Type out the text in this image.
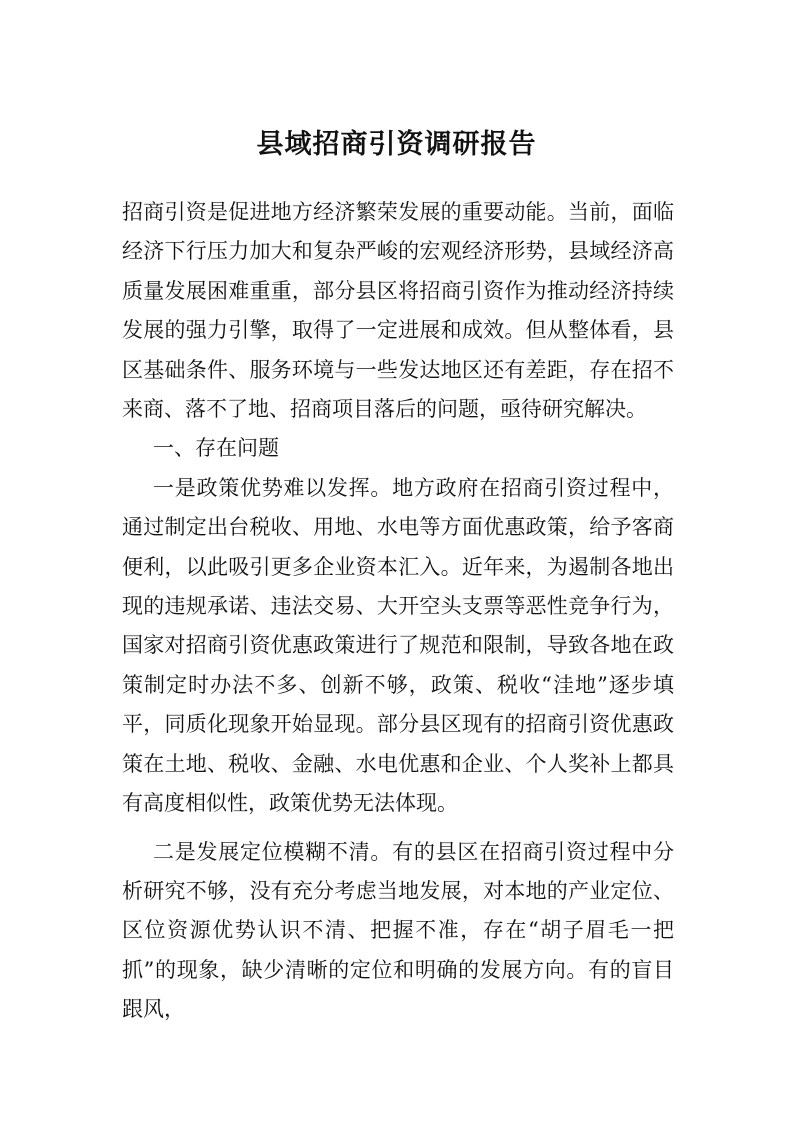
县域招商引资调研报告

招商引资是促进地方经济繁荣发展的重要动能。当前，面临经济下行压力加大和复杂严峻的宏观经济形势，县域经济高质量发展困难重重，部分县区将招商引资作为推动经济持续发展的强力引擎，取得了一定进展和成效。但从整体看，县区基础条件、服务环境与一些发达地区还有差距，存在招不来商、落不了地、招商项目落后的问题，亟待研究解决。

一、存在问题

一是政策优势难以发挥。地方政府在招商引资过程中，通过制定出台税收、用地、水电等方面优惠政策，给予客商便利，以此吸引更多企业资本汇入。近年来，为遏制各地出现的违规承诺、违法交易、大开空头支票等恶性竞争行为，国家对招商引资优惠政策进行了规范和限制，导致各地在政策制定时办法不多、创新不够，政策、税收“洼地”逐步填平，同质化现象开始显现。部分县区现有的招商引资优惠政策在土地、税收、金融、水电优惠和企业、个人奖补上都具有高度相似性，政策优势无法体现。

二是发展定位模糊不清。有的县区在招商引资过程中分析研究不够，没有充分考虑当地发展，对本地的产业定位、区位资源优势认识不清、把握不准，存在“胡子眉毛一把抓”的现象，缺少清晰的定位和明确的发展方向。有的盲目跟风，
